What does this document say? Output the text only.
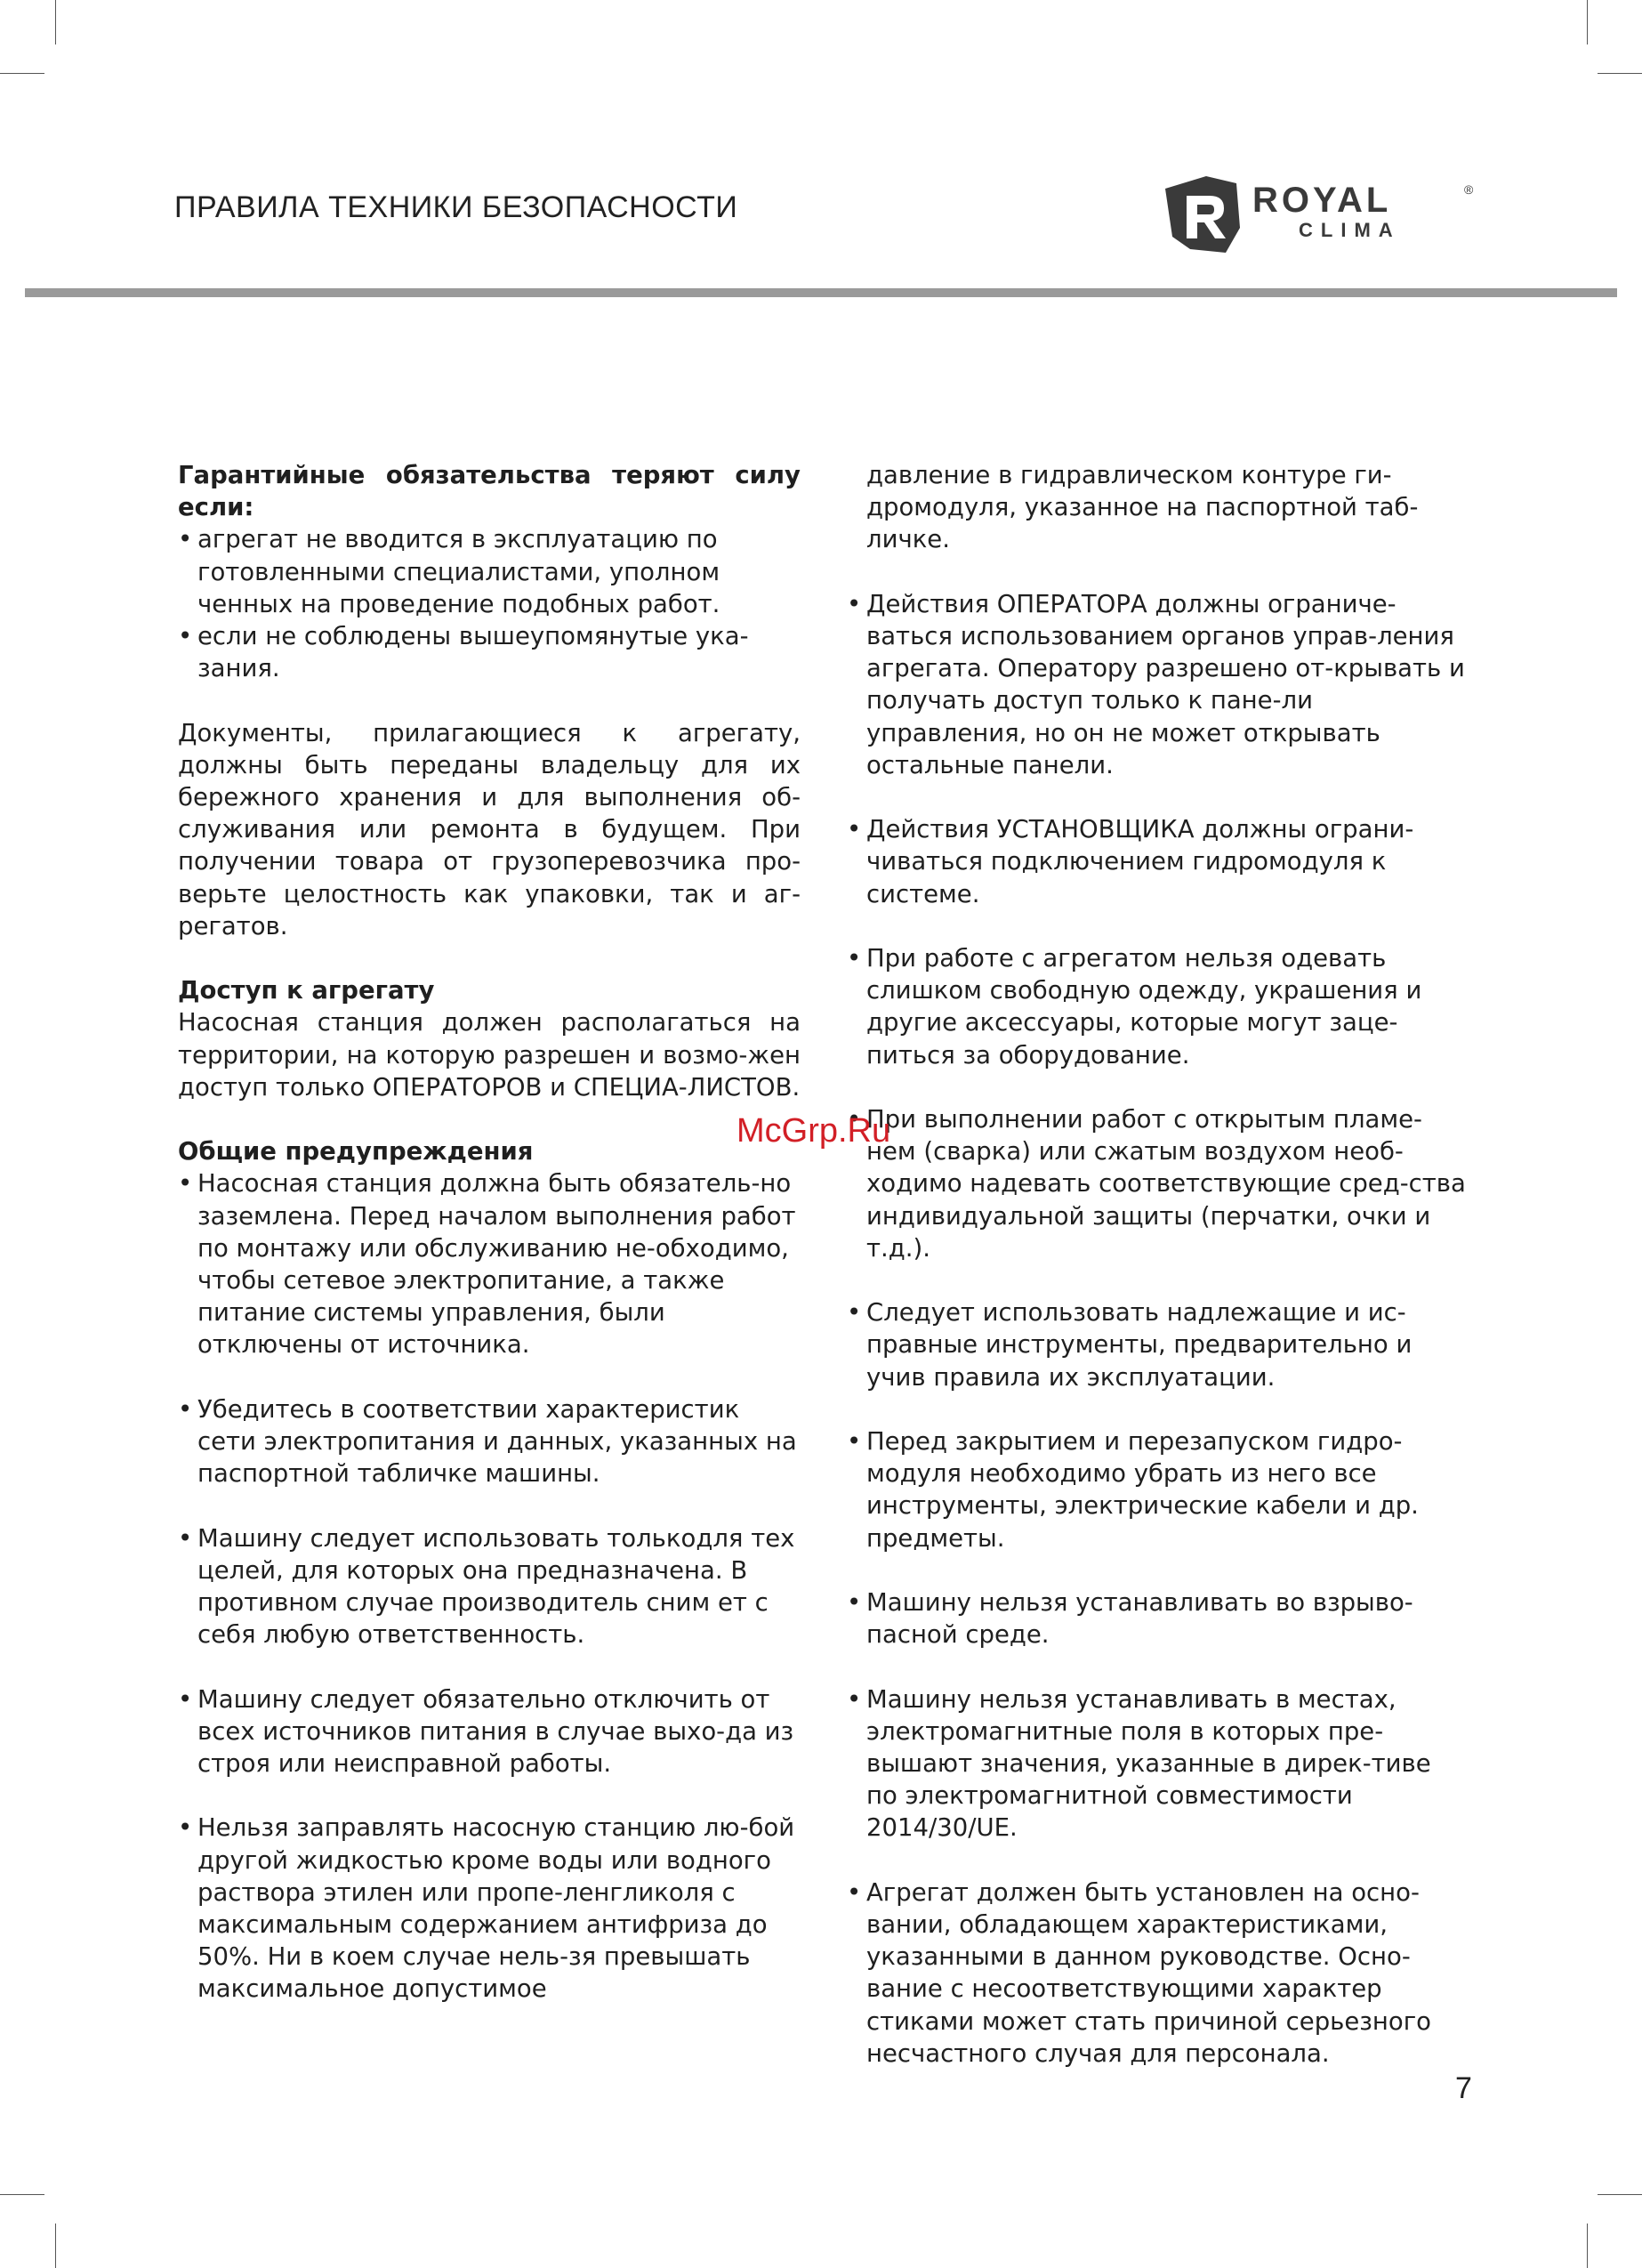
ПРАВИЛА ТЕХНИКИ БЕЗОПАСНОСТИ	ROYAL	®
CLIMA

Гарантийные обязательства теряют силу если:

• агрегат не вводится в эксплуатацию по готовленными специалистами, уполном ченных на проведение подобных работ.
• если не соблюдены вышеупомянутые ука-зания.

Документы, прилагающиеся к агрегату, должны быть переданы владельцу для их бережного хранения и для выполнения об-служивания или ремонта в будущем. При получении товара от грузоперевозчика про-верьте целостность как упаковки, так и аг-регатов.

Доступ к агрегату

Насосная станция должен располагаться на территории, на которую разрешен и возмо-жен доступ только ОПЕРАТОРОВ и СПЕЦИА-ЛИСТОВ.

Общие предупреждения

• Насосная станция должна быть обязатель-но заземлена. Перед началом выполнения работ по монтажу или обслуживанию не-обходимо, чтобы сетевое электропитание, а также питание системы управления, были отключены от источника.
• Убедитесь в соответствии характеристик сети электропитания и данных, указанных на паспортной табличке машины.
• Машину следует использовать толькодля тех целей, для которых она предназначена. В противном случае производитель сним ет с себя любую ответственность.
• Машину следует обязательно отключить от всех источников питания в случае выхо-да из строя или неисправной работы.
• Нельзя заправлять насосную станцию лю-бой другой жидкостью кроме воды или водного раствора этилен или пропе-ленгликоля с максимальным содержанием антифриза до 50%. Ни в коем случае нель-зя превышать максимальное допустимое

давление в гидравлическом контуре ги-дромодуля, указанное на паспортной таб-личке.

• Действия ОПЕРАТОРА должны ограниче-ваться использованием органов управ-ления агрегата. Оператору разрешено от-крывать и получать доступ только к пане-ли управления, но он не может открывать остальные панели.
• Действия УСТАНОВЩИКА должны ограни-чиваться подключением гидромодуля к системе.
• При работе с агрегатом нельзя одевать слишком свободную одежду, украшения и другие аксессуары, которые могут заце-питься за оборудование.
• При выполнении работ с открытым пламе-нем (сварка) или сжатым воздухом необ-ходимо надевать соответствующие сред-ства индивидуальной защиты (перчатки, очки и т.д.).
• Следует использовать надлежащие и ис-правные инструменты, предварительно и учив правила их эксплуатации.
• Перед закрытием и перезапуском гидро-модуля необходимо убрать из него все инструменты, электрические кабели и др. предметы.
• Машину нельзя устанавливать во взрыво-пасной среде.
• Машину нельзя устанавливать в местах, электромагнитные поля в которых пре-вышают значения, указанные в дирек-тиве по электромагнитной совместимости 2014/30/UE.
• Агрегат должен быть установлен на осно-вании, обладающем характеристиками, указанными в данном руководстве. Осно-вание с несоответствующими характер стиками может стать причиной серьезного несчастного случая для персонала.
McGrp.Ru
7
